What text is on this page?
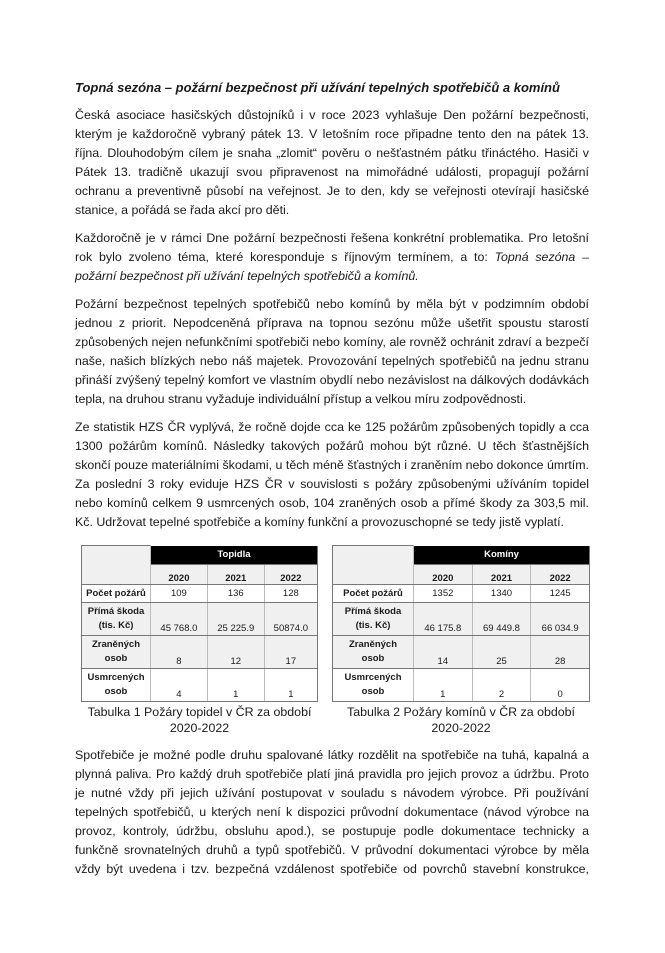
Topná sezóna – požární bezpečnost při užívání tepelných spotřebičů a komínů

Česká asociace hasičských důstojníků i v roce 2023 vyhlašuje Den požární bezpečnosti, kterým je každoročně vybraný pátek 13. V letošním roce připadne tento den na pátek 13. října. Dlouhodobým cílem je snaha „zlomit“ pověru o nešťastném pátku třináctého. Hasiči v Pátek 13. tradičně ukazují svou připravenost na mimořádné události, propagují požární ochranu a preventivně působí na veřejnost. Je to den, kdy se veřejnosti otevírají hasičské stanice, a pořádá se řada akcí pro děti.

Každoročně je v rámci Dne požární bezpečnosti řešena konkrétní problematika. Pro letošní rok bylo zvoleno téma, které koresponduje s říjnovým termínem, a to: Topná sezóna – požární bezpečnost při užívání tepelných spotřebičů a komínů.

Požární bezpečnost tepelných spotřebičů nebo komínů by měla být v podzimním období jednou z priorit. Nepodceněná příprava na topnou sezónu může ušetřit spoustu starostí způsobených nejen nefunkčními spotřebiči nebo komíny, ale rovněž ochránit zdraví a bezpečí naše, našich blízkých nebo náš majetek. Provozování tepelných spotřebičů na jednu stranu přináší zvýšený tepelný komfort ve vlastním obydlí nebo nezávislost na dálkových dodávkách tepla, na druhou stranu vyžaduje individuální přístup a velkou míru zodpovědnosti.

Ze statistik HZS ČR vyplývá, že ročně dojde cca ke 125 požárům způsobených topidly a cca 1300 požárům komínů. Následky takových požárů mohou být různé. U těch šťastnějších skončí pouze materiálními škodami, u těch méně šťastných i zraněním nebo dokonce úmrtím. Za poslední 3 roky eviduje HZS ČR v souvislosti s požáry způsobenými užíváním topidel nebo komínů celkem 9 usmrcených osob, 104 zraněných osob a přímé škody za 303,5 mil. Kč. Udržovat tepelné spotřebiče a komíny funkční a provozuschopné se tedy jistě vyplatí.

	Topidla		
	2020	2021	2022
Počet požárů	109	136	128
Přímá škoda
(tis. Kč)	45 768.0	25 225.9	50874.0
Zraněných
osob	8	12	17
Usmrcených
osob	4	1	1
Tabulka 1 Požáry topidel v ČR za období
2020-2022
	Komíny		
	2020	2021	2022
Počet požárů	1352	1340	1245
Přímá škoda
(tis. Kč)	46 175.8	69 449.8	66 034.9
Zraněných
osob	14	25	28
Usmrcených
osob	1	2	0
Tabulka 2 Požáry komínů v ČR za období
2020-2022

Spotřebiče je možné podle druhu spalované látky rozdělit na spotřebiče na tuhá, kapalná a plynná paliva. Pro každý druh spotřebiče platí jiná pravidla pro jejich provoz a údržbu. Proto je nutné vždy při jejich užívání postupovat v souladu s návodem výrobce. Při používání tepelných spotřebičů, u kterých není k dispozici průvodní dokumentace (návod výrobce na provoz, kontroly, údržbu, obsluhu apod.), se postupuje podle dokumentace technicky a funkčně srovnatelných druhů a typů spotřebičů. V průvodní dokumentaci výrobce by měla vždy být uvedena i tzv. bezpečná vzdálenost spotřebiče od povrchů stavební konstrukce,
